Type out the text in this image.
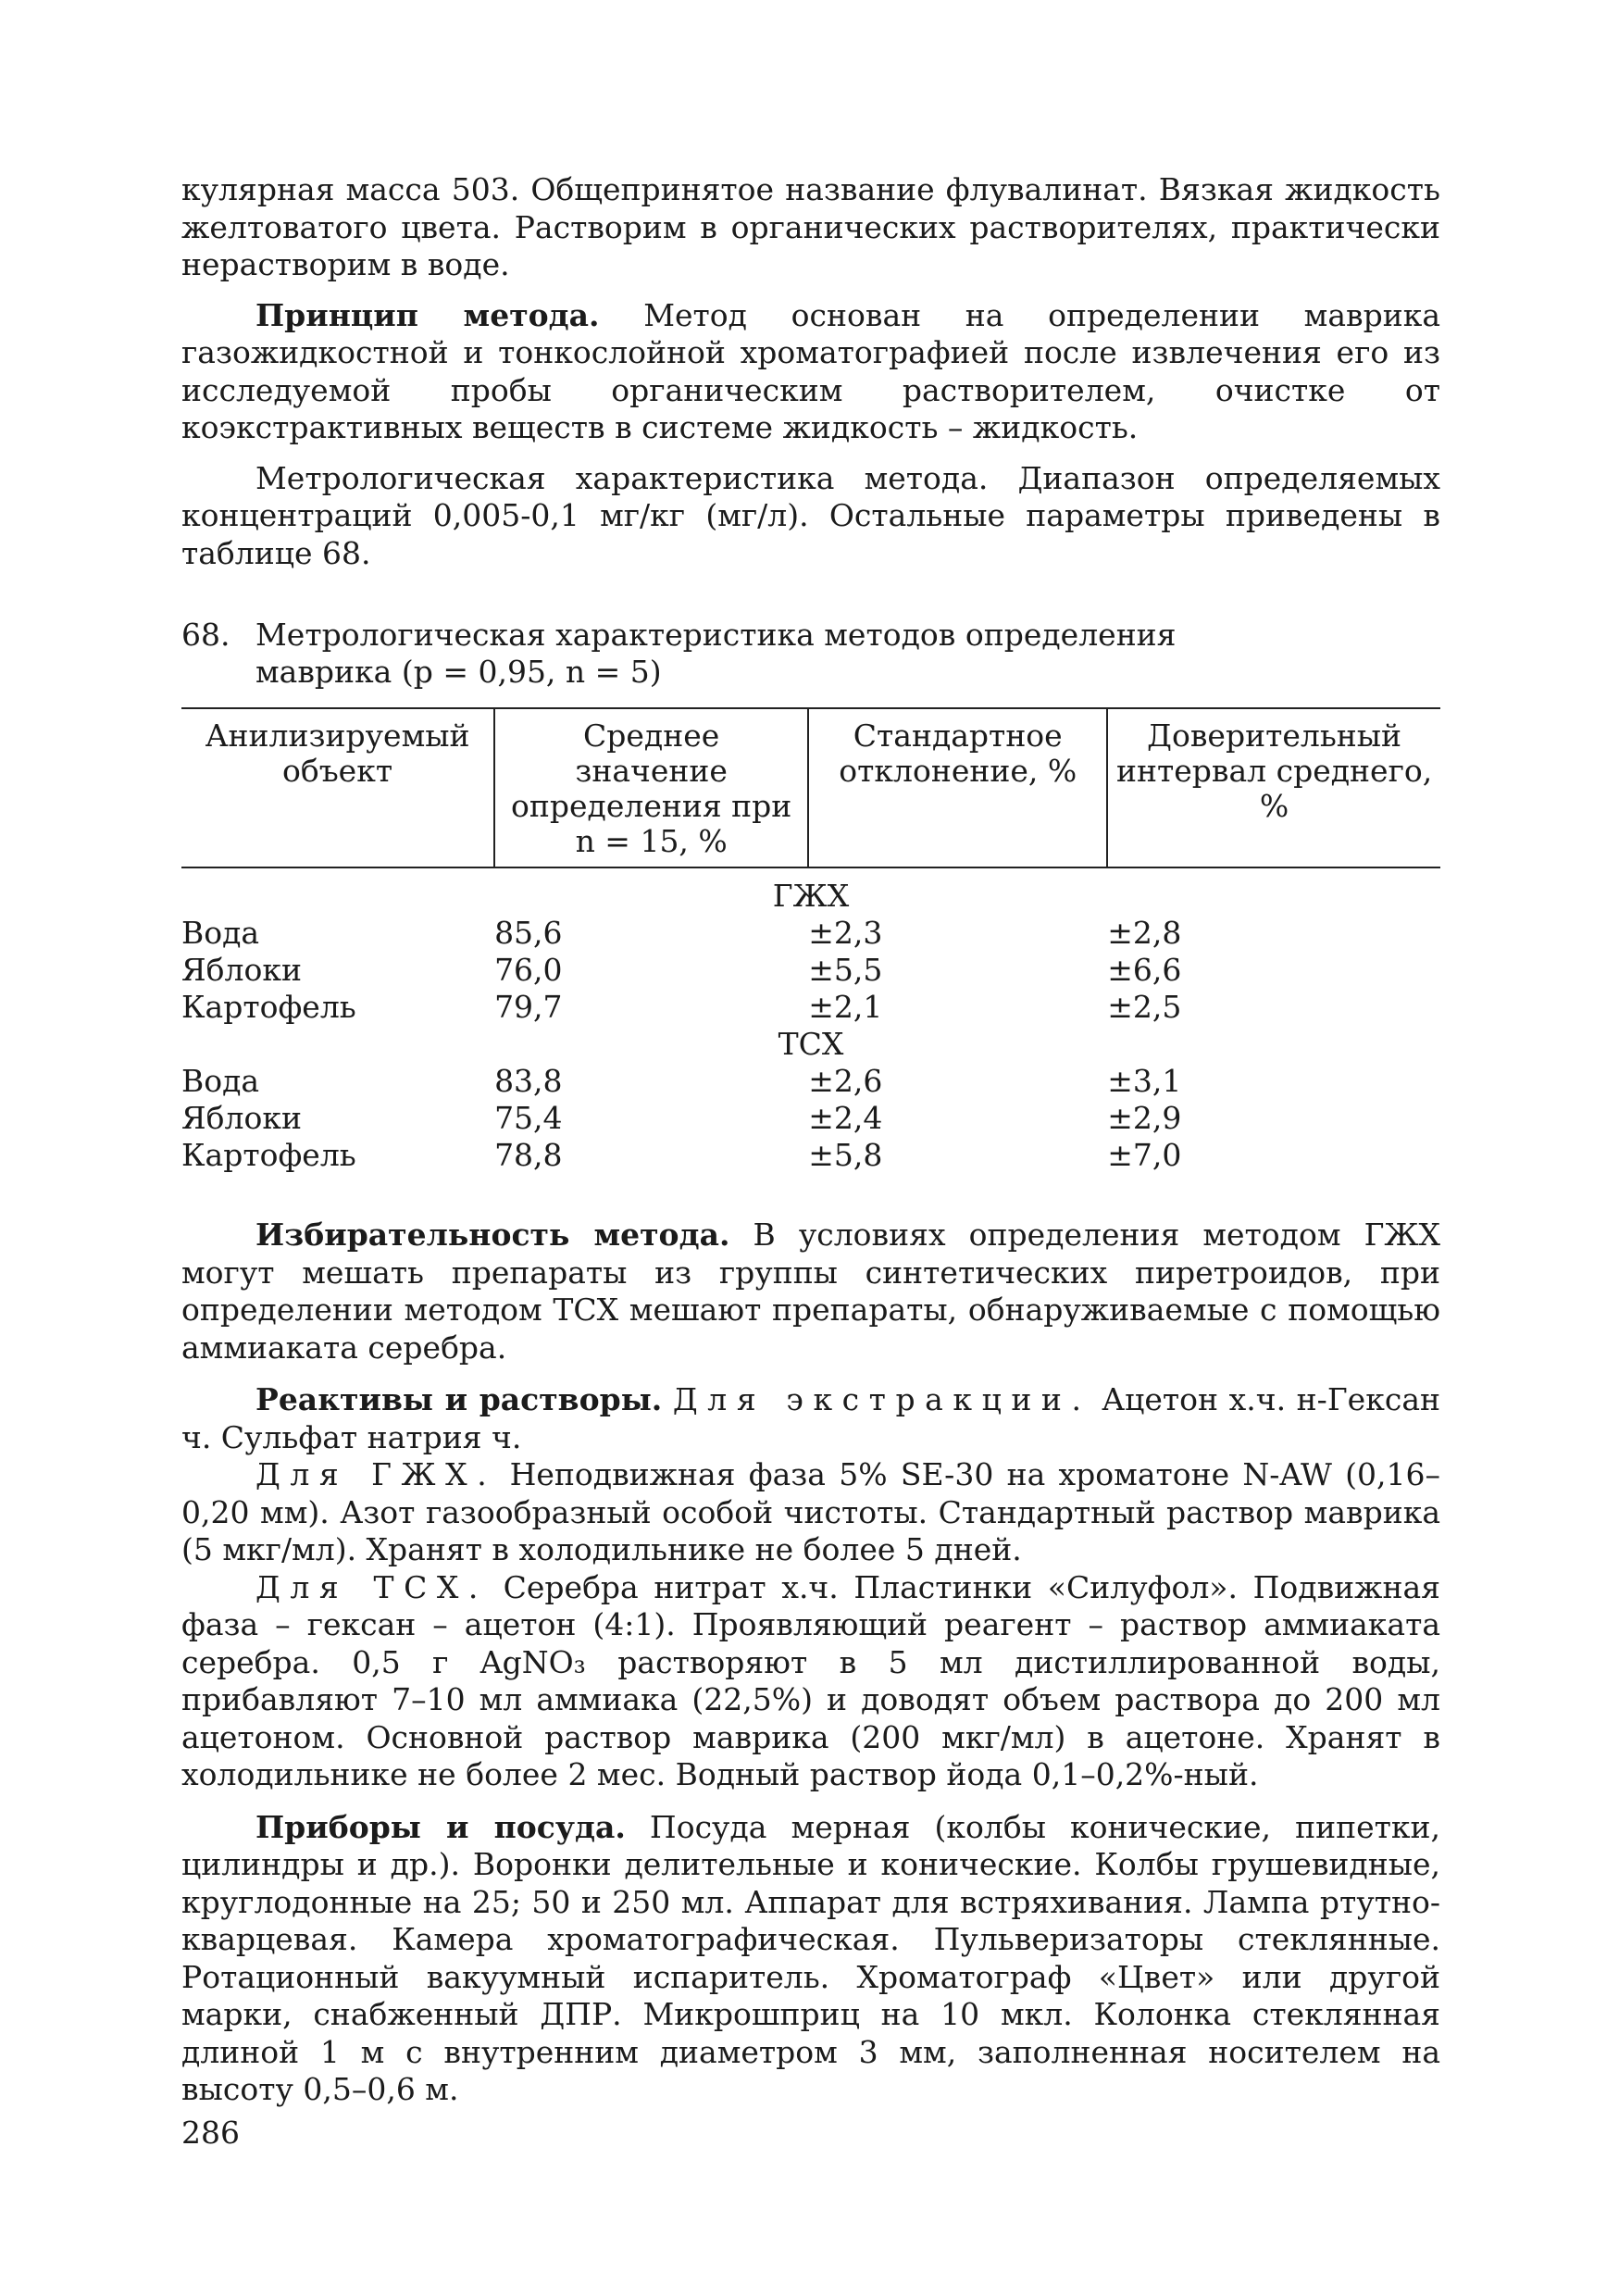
кулярная масса 503. Общепринятое название флувалинат. Вязкая жидкость желтоватого цвета. Растворим в органических растворителях, практически нерастворим в воде.

Принцип метода. Метод основан на определении маврика газожидкостной и тонкослойной хроматографией после извлечения его из исследуемой пробы органическим растворителем, очистке от коэкстрактивных веществ в системе жидкость – жидкость.

Метрологическая характеристика метода. Диапазон определяемых концентраций 0,005-0,1 мг/кг (мг/л). Остальные параметры приведены в таблице 68.

68. Метрологическая характеристика методов определения
маврика (p = 0,95, n = 5)
Анилизируемый объект	Среднее значение определения при n = 15, %	Стандартное отклонение, %	Доверительный интервал среднего, %
ГЖХ			
Вода	85,6	±2,3	±2,8
Яблоки	76,0	±5,5	±6,6
Картофель	79,7	±2,1	±2,5
ТСХ			
Вода	83,8	±2,6	±3,1
Яблоки	75,4	±2,4	±2,9
Картофель	78,8	±5,8	±7,0

Избирательность метода. В условиях определения методом ГЖХ могут мешать препараты из группы синтетических пиретроидов, при определении методом ТСХ мешают препараты, обнаруживаемые с помощью аммиаката серебра.

Реактивы и растворы. Для экстракции. Ацетон х.ч. н-Гексан ч. Сульфат натрия ч.

Для ГЖХ. Неподвижная фаза 5% SE-30 на хроматоне N-AW (0,16–0,20 мм). Азот газообразный особой чистоты. Стандартный раствор маврика (5 мкг/мл). Хранят в холодильнике не более 5 дней.

Для ТСХ. Серебра нитрат х.ч. Пластинки «Силуфол». Подвижная фаза – гексан – ацетон (4:1). Проявляющий реагент – раствор аммиаката серебра. 0,5 г AgNO₃ растворяют в 5 мл дистиллированной воды, прибавляют 7–10 мл аммиака (22,5%) и доводят объем раствора до 200 мл ацетоном. Основной раствор маврика (200 мкг/мл) в ацетоне. Хранят в холодильнике не более 2 мес. Водный раствор йода 0,1–0,2%-ный.

Приборы и посуда. Посуда мерная (колбы конические, пипетки, цилиндры и др.). Воронки делительные и конические. Колбы грушевидные, круглодонные на 25; 50 и 250 мл. Аппарат для встряхивания. Лампа ртутно-кварцевая. Камера хроматографическая. Пульверизаторы стеклянные. Ротационный вакуумный испаритель. Хроматограф «Цвет» или другой марки, снабженный ДПР. Микрошприц на 10 мкл. Колонка стеклянная длиной 1 м с внутренним диаметром 3 мм, заполненная носителем на высоту 0,5–0,6 м.

286
